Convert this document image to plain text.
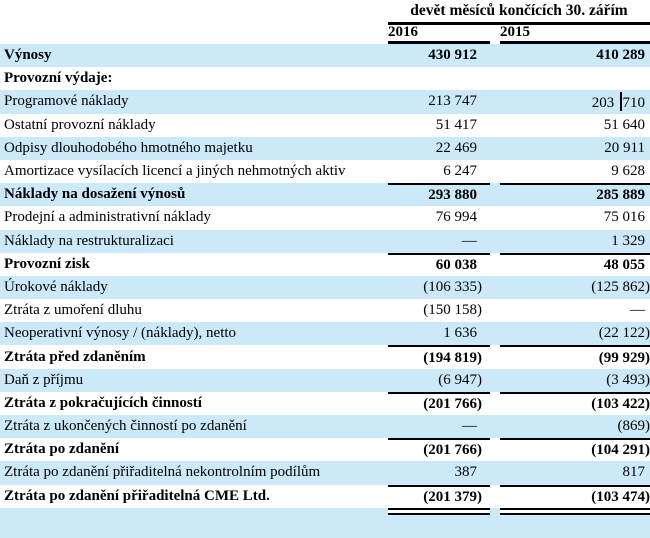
devět měsíců končících 30. zářím
2016	2015
Výnosy	430 912	410 289
Provozní výdaje:
Programové náklady	213 747	203 710
Ostatní provozní náklady	51 417	51 640
Odpisy dlouhodobého hmotného majetku	22 469	20 911
Amortizace vysílacích licencí a jiných nehmotných aktiv	6 247	9 628
Náklady na dosažení výnosů	293 880	285 889
Prodejní a administrativní náklady	76 994	75 016
Náklady na restrukturalizaci	—	1 329
Provozní zisk	60 038	48 055
Úrokové náklady	(106 335)	(125 862)
Ztráta z umoření dluhu	(150 158)	—
Neoperativní výnosy / (náklady), netto	1 636	(22 122)
Ztráta před zdaněním	(194 819)	(99 929)
Daň z příjmu	(6 947)	(3 493)
Ztráta z pokračujících činností	(201 766)	(103 422)
Ztráta z ukončených činností po zdanění	—	(869)
Ztráta po zdanění	(201 766)	(104 291)
Ztráta po zdanění přiřaditelná nekontrolním podílům	387	817
Ztráta po zdanění přiřaditelná CME Ltd.	(201 379)	(103 474)
